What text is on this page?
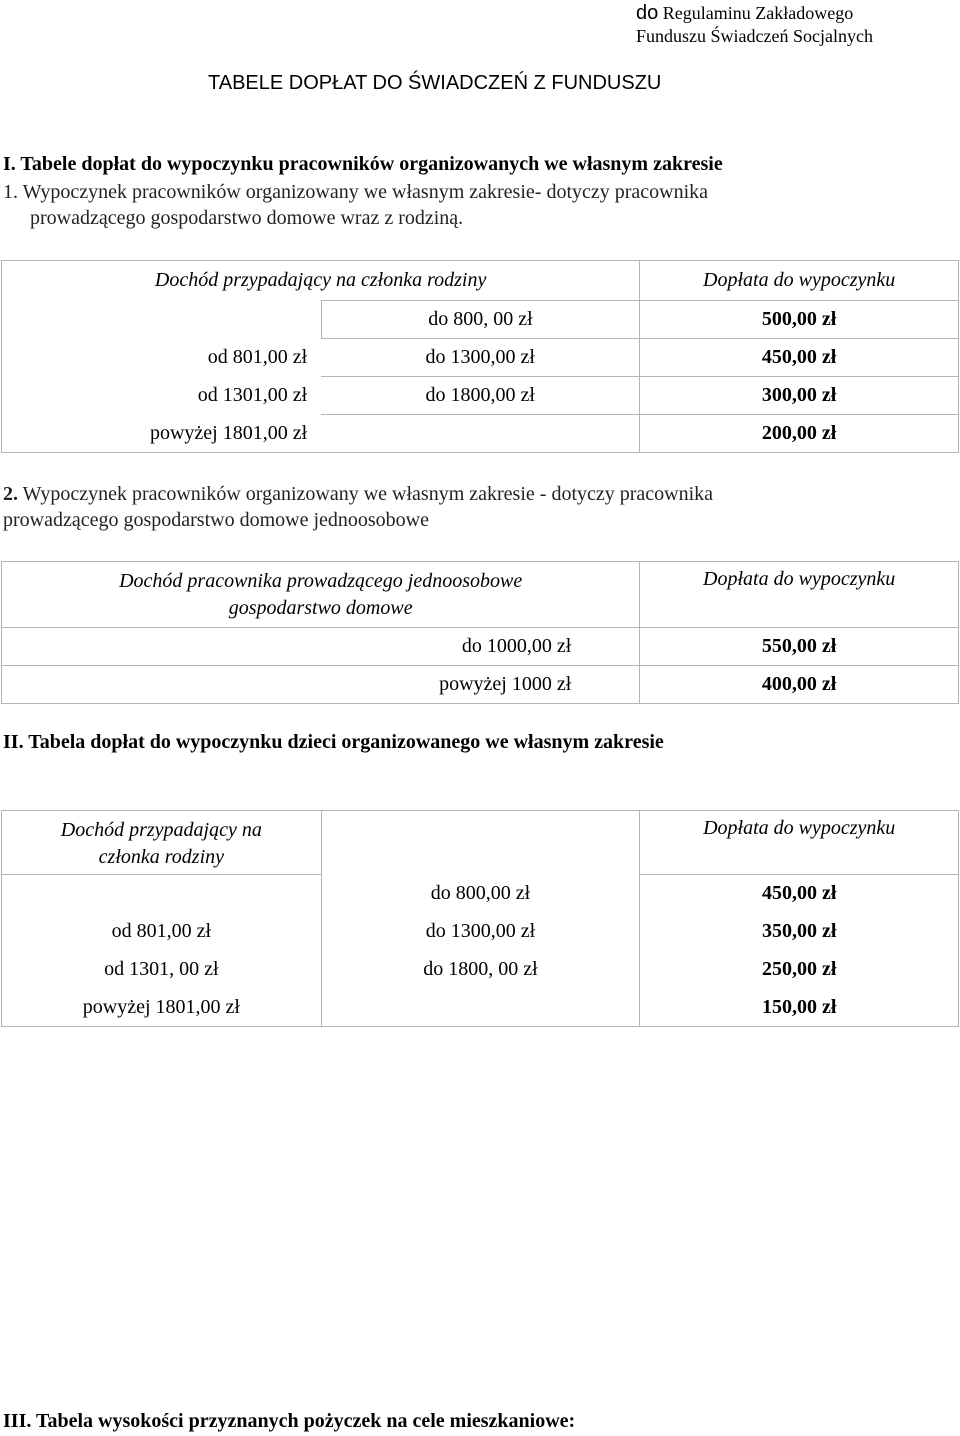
do Regulaminu Zakładowego
Funduszu Świadczeń Socjalnych
TABELE DOPŁAT DO ŚWIADCZEŃ Z FUNDUSZU
I. Tabele dopłat do wypoczynku pracowników organizowanych we własnym zakresie
1. Wypoczynek pracowników organizowany we własnym zakresie- dotyczy pracownika
prowadzącego gospodarstwo domowe wraz z rodziną.
Dochód przypadający na członka rodziny		Dopłata do wypoczynku
	do 800, 00 zł	500,00 zł
od 801,00 zł	do 1300,00 zł	450,00 zł
od 1301,00 zł	do 1800,00 zł	300,00 zł
powyżej 1801,00 zł		200,00 zł
2. Wypoczynek pracowników organizowany we własnym zakresie - dotyczy pracownika
prowadzącego gospodarstwo domowe jednoosobowe
Dochód pracownika prowadzącego jednoosobowe
gospodarstwo domowe	Dopłata do wypoczynku
do 1000,00 zł	550,00 zł
powyżej 1000 zł	400,00 zł
II. Tabela dopłat do wypoczynku dzieci organizowanego we własnym zakresie
Dochód przypadający na
członka rodziny		Dopłata do wypoczynku
	do 800,00 zł	450,00 zł
od 801,00 zł	do 1300,00 zł	350,00 zł
od 1301, 00 zł	do 1800, 00 zł	250,00 zł
powyżej 1801,00 zł		150,00 zł
III. Tabela wysokości przyznanych pożyczek na cele mieszkaniowe:
